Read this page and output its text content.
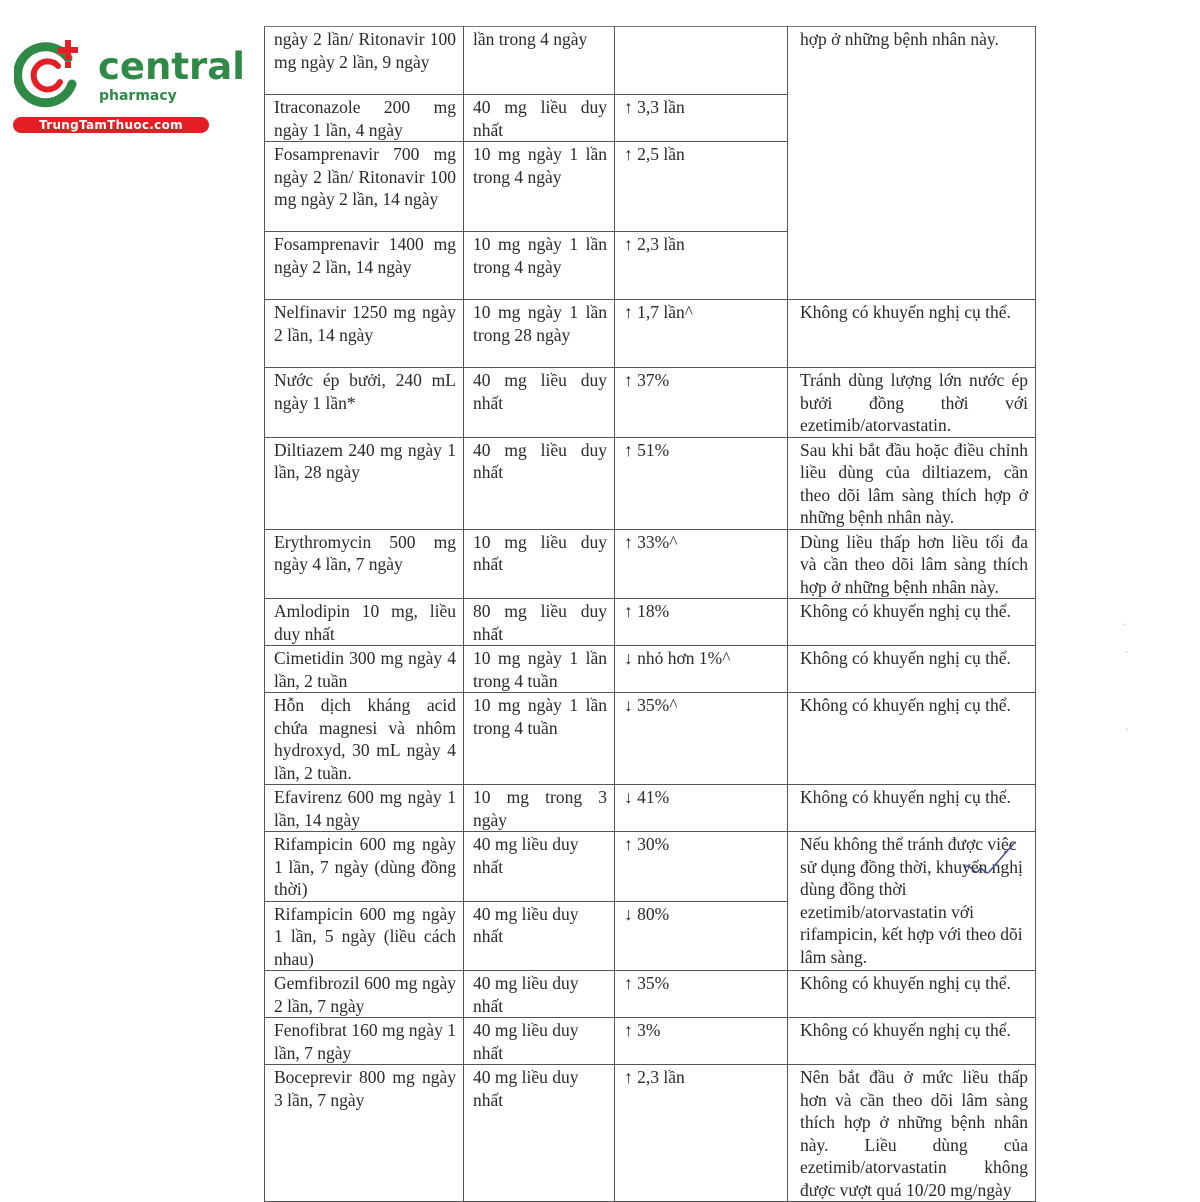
central
pharmacy
TrungTamThuoc.com
ngày 2 lần/ Ritonavir 100 mg ngày 2 lần, 9 ngày	lần trong 4 ngày		hợp ở những bệnh nhân này.
Itraconazole 200 mg ngày 1 lần, 4 ngày	40 mg liều duy nhất	↑ 3,3 lần	
Fosamprenavir 700 mg ngày 2 lần/ Ritonavir 100 mg ngày 2 lần, 14 ngày	10 mg ngày 1 lần trong 4 ngày	↑ 2,5 lần	
Fosamprenavir 1400 mg ngày 2 lần, 14 ngày	10 mg ngày 1 lần trong 4 ngày	↑ 2,3 lần	
Nelfinavir 1250 mg ngày 2 lần, 14 ngày	10 mg ngày 1 lần trong 28 ngày	↑ 1,7 lần^	Không có khuyến nghị cụ thể.
Nước ép bưởi, 240 mL ngày 1 lần*	40 mg liều duy nhất	↑ 37%	Tránh dùng lượng lớn nước ép bưởi đồng thời với ezetimib/atorvastatin.
Diltiazem 240 mg ngày 1 lần, 28 ngày	40 mg liều duy nhất	↑ 51%	Sau khi bắt đầu hoặc điều chỉnh liều dùng của diltiazem, cần theo dõi lâm sàng thích hợp ở những bệnh nhân này.
Erythromycin 500 mg ngày 4 lần, 7 ngày	10 mg liều duy nhất	↑ 33%^	Dùng liều thấp hơn liều tối đa và cần theo dõi lâm sàng thích hợp ở những bệnh nhân này.
Amlodipin 10 mg, liều duy nhất	80 mg liều duy nhất	↑ 18%	Không có khuyến nghị cụ thể.
Cimetidin 300 mg ngày 4 lần, 2 tuần	10 mg ngày 1 lần trong 4 tuần	↓ nhỏ hơn 1%^	Không có khuyến nghị cụ thể.
Hỗn dịch kháng acid chứa magnesi và nhôm hydroxyd, 30 mL ngày 4 lần, 2 tuần.	10 mg ngày 1 lần trong 4 tuần	↓ 35%^	Không có khuyến nghị cụ thể.
Efavirenz 600 mg ngày 1 lần, 14 ngày	10 mg trong 3 ngày	↓ 41%	Không có khuyến nghị cụ thể.
Rifampicin 600 mg ngày 1 lần, 7 ngày (dùng đồng thời)	40 mg liều duy nhất	↑ 30%	Nếu không thể tránh được việc sử dụng đồng thời, khuyến nghị dùng đồng thời ezetimib/atorvastatin với rifampicin, kết hợp với theo dõi lâm sàng.
Rifampicin 600 mg ngày 1 lần, 5 ngày (liều cách nhau)	40 mg liều duy nhất	↓ 80%	
Gemfibrozil 600 mg ngày 2 lần, 7 ngày	40 mg liều duy nhất	↑ 35%	Không có khuyến nghị cụ thể.
Fenofibrat 160 mg ngày 1 lần, 7 ngày	40 mg liều duy nhất	↑ 3%	Không có khuyến nghị cụ thể.
Boceprevir 800 mg ngày 3 lần, 7 ngày	40 mg liều duy nhất	↑ 2,3 lần	Nên bắt đầu ở mức liều thấp hơn và cần theo dõi lâm sàng thích hợp ở những bệnh nhân này. Liều dùng của ezetimib/atorvastatin không được vượt quá 10/20 mg/ngày
·
·
·
